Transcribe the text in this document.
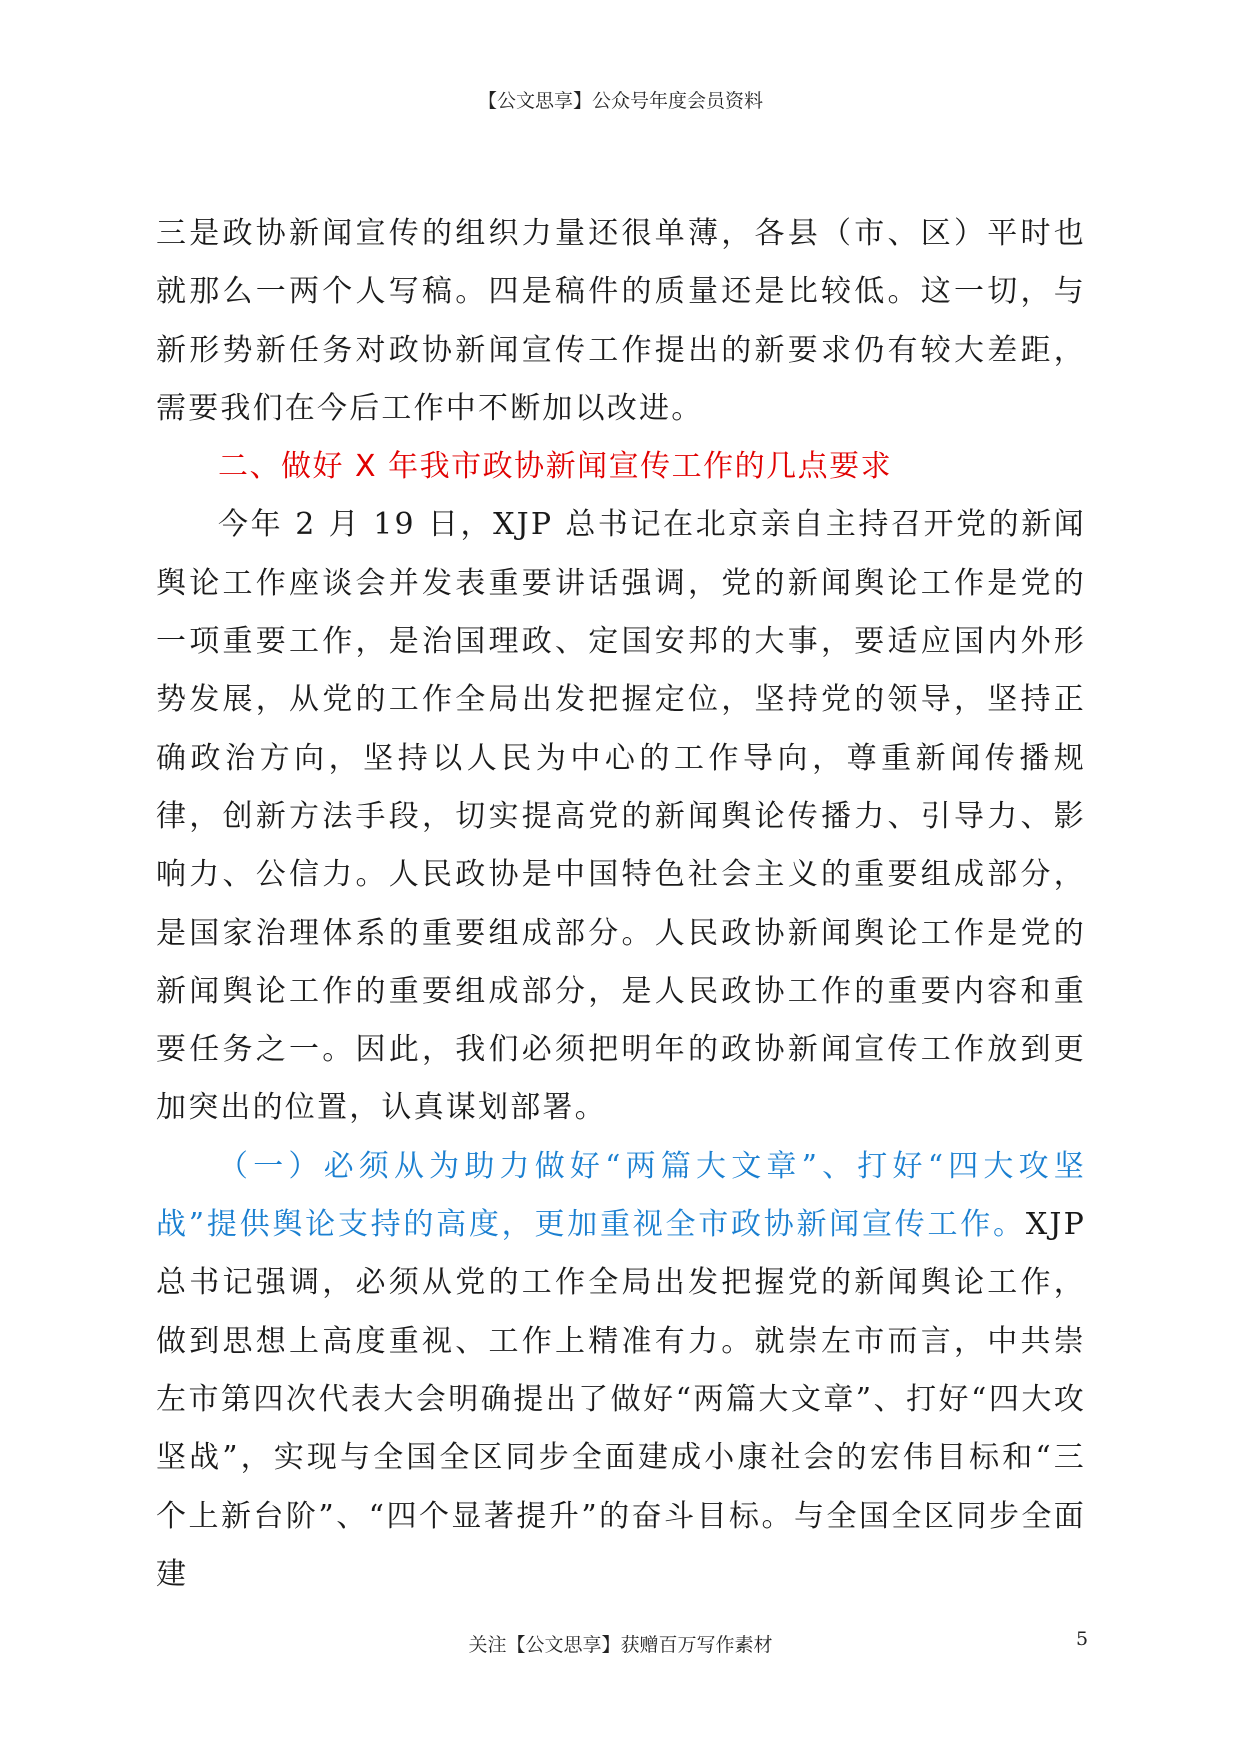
【公文思享】公众号年度会员资料

三是政协新闻宣传的组织力量还很单薄，各县（市、区）平时也就那么一两个人写稿。四是稿件的质量还是比较低。这一切，与新形势新任务对政协新闻宣传工作提出的新要求仍有较大差距，需要我们在今后工作中不断加以改进。

二、做好 X 年我市政协新闻宣传工作的几点要求

今年 2 月 19 日，XJP 总书记在北京亲自主持召开党的新闻舆论工作座谈会并发表重要讲话强调，党的新闻舆论工作是党的一项重要工作，是治国理政、定国安邦的大事，要适应国内外形势发展，从党的工作全局出发把握定位，坚持党的领导，坚持正确政治方向，坚持以人民为中心的工作导向，尊重新闻传播规律，创新方法手段，切实提高党的新闻舆论传播力、引导力、影响力、公信力。人民政协是中国特色社会主义的重要组成部分，是国家治理体系的重要组成部分。人民政协新闻舆论工作是党的新闻舆论工作的重要组成部分，是人民政协工作的重要内容和重要任务之一。因此，我们必须把明年的政协新闻宣传工作放到更加突出的位置，认真谋划部署。

（一）必须从为助力做好“两篇大文章”、打好“四大攻坚战”提供舆论支持的高度，更加重视全市政协新闻宣传工作。XJP 总书记强调，必须从党的工作全局出发把握党的新闻舆论工作，做到思想上高度重视、工作上精准有力。就崇左市而言，中共崇左市第四次代表大会明确提出了做好“两篇大文章”、打好“四大攻坚战”，实现与全国全区同步全面建成小康社会的宏伟目标和“三个上新台阶”、“四个显著提升”的奋斗目标。与全国全区同步全面建

关注【公文思享】获赠百万写作素材	5
